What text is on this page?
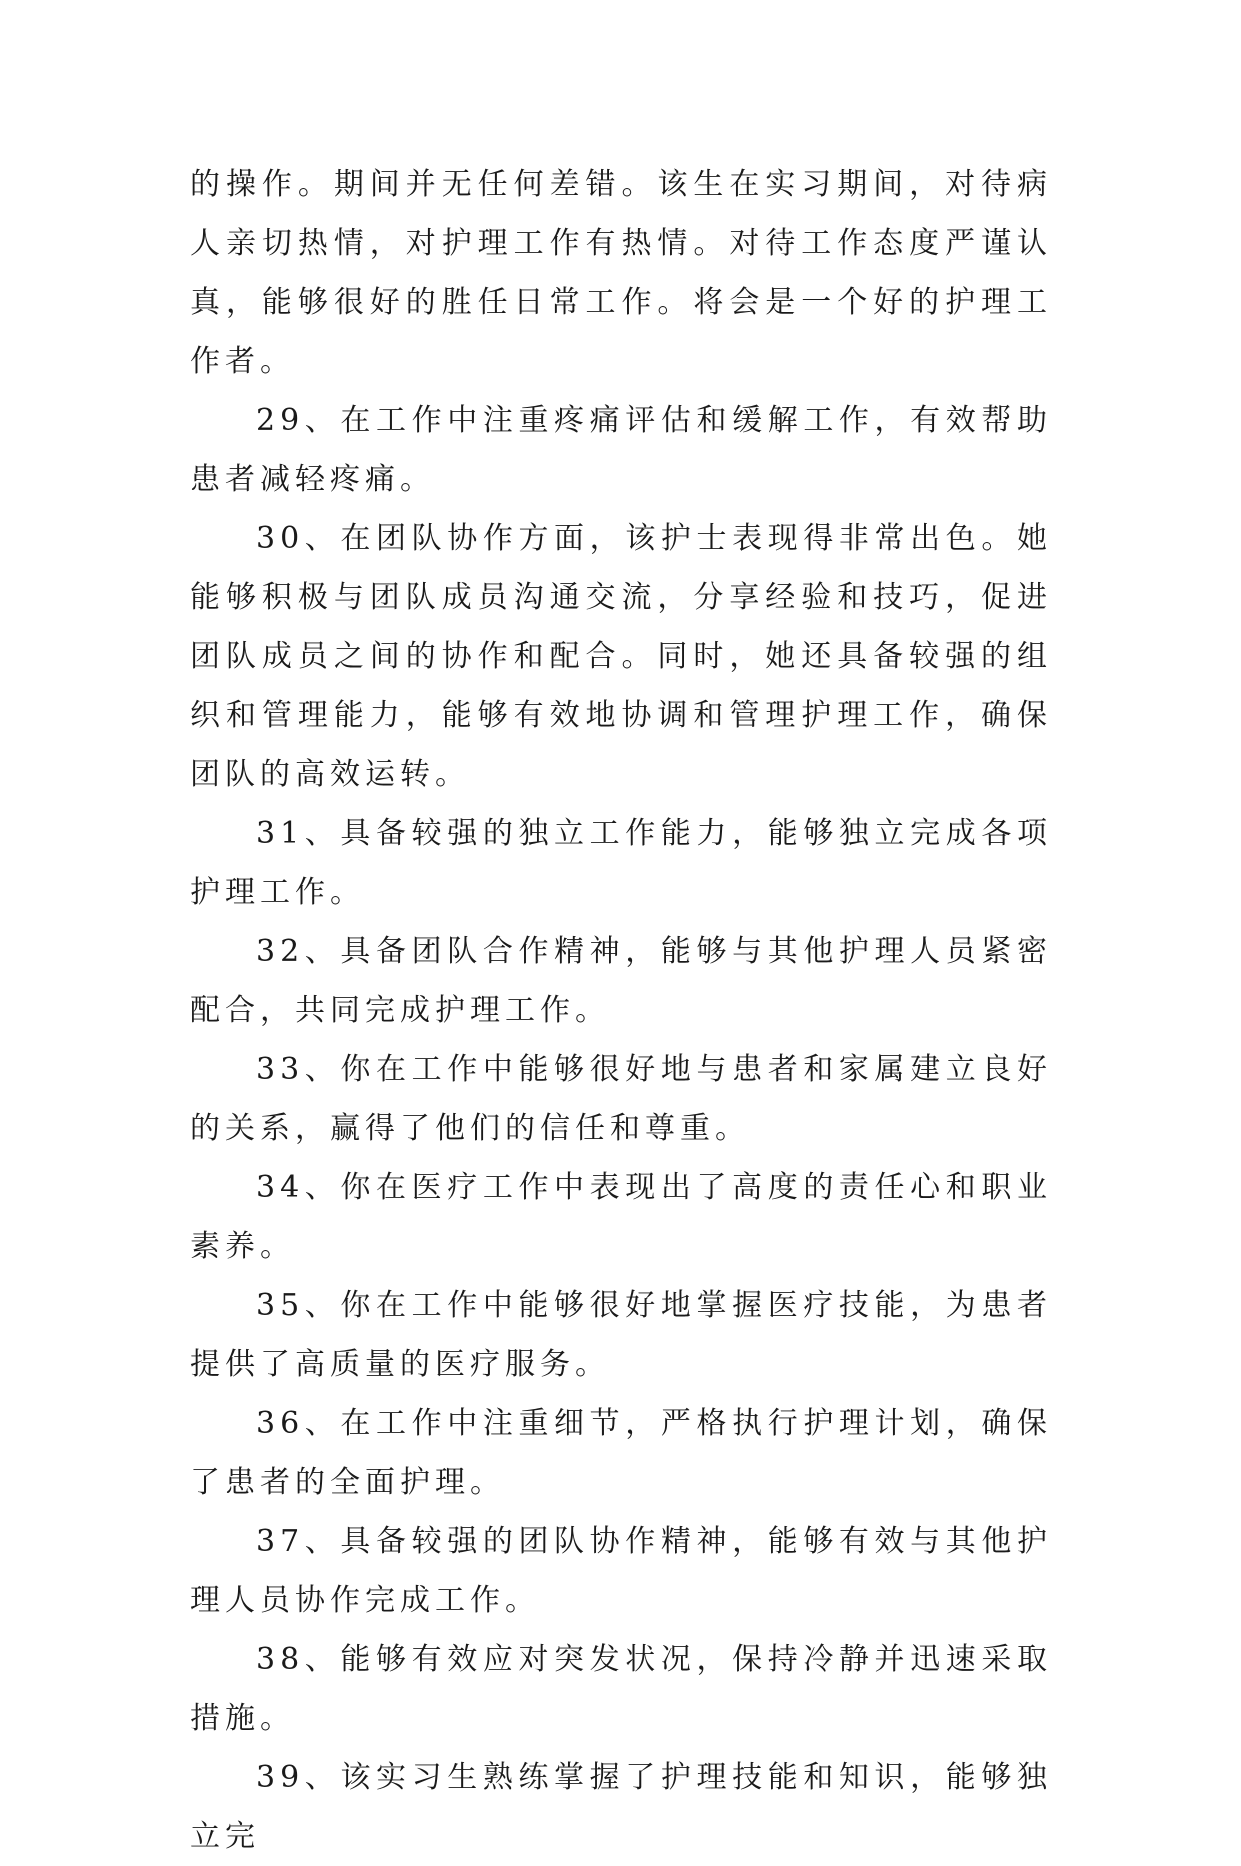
的操作。期间并无任何差错。该生在实习期间，对待病人亲切热情，对护理工作有热情。对待工作态度严谨认真，能够很好的胜任日常工作。将会是一个好的护理工作者。

29、在工作中注重疼痛评估和缓解工作，有效帮助患者减轻疼痛。

30、在团队协作方面，该护士表现得非常出色。她能够积极与团队成员沟通交流，分享经验和技巧，促进团队成员之间的协作和配合。同时，她还具备较强的组织和管理能力，能够有效地协调和管理护理工作，确保团队的高效运转。

31、具备较强的独立工作能力，能够独立完成各项护理工作。

32、具备团队合作精神，能够与其他护理人员紧密配合，共同完成护理工作。

33、你在工作中能够很好地与患者和家属建立良好的关系，赢得了他们的信任和尊重。

34、你在医疗工作中表现出了高度的责任心和职业素养。

35、你在工作中能够很好地掌握医疗技能，为患者提供了高质量的医疗服务。

36、在工作中注重细节，严格执行护理计划，确保了患者的全面护理。

37、具备较强的团队协作精神，能够有效与其他护理人员协作完成工作。

38、能够有效应对突发状况，保持冷静并迅速采取措施。

39、该实习生熟练掌握了护理技能和知识，能够独立完
